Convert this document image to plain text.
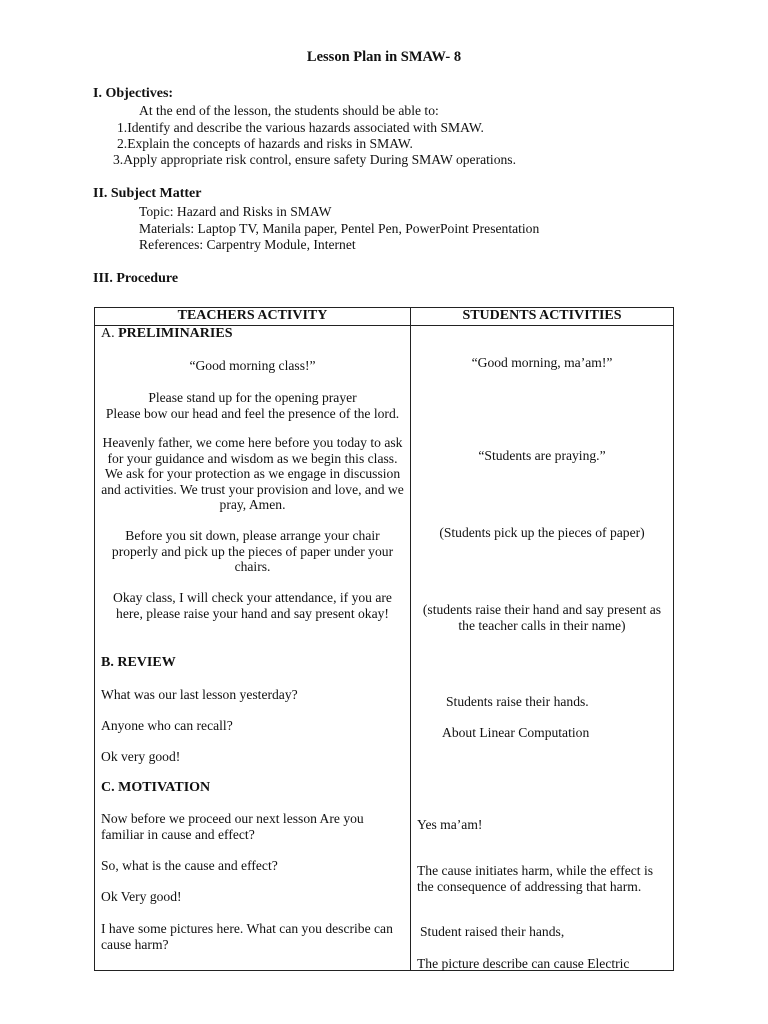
Lesson Plan in SMAW- 8
I. Objectives:
At the end of the lesson, the students should be able to:
1.Identify and describe the various hazards associated with SMAW.
2.Explain the concepts of hazards and risks in SMAW.
3.Apply appropriate risk control, ensure safety During SMAW operations.
II. Subject Matter
Topic: Hazard and Risks in SMAW
Materials: Laptop TV, Manila paper, Pentel Pen, PowerPoint Presentation
References: Carpentry Module, Internet
III. Procedure
TEACHERS ACTIVITY	STUDENTS ACTIVITIES
A. PRELIMINARIES
“Good morning class!”
Please stand up for the opening prayer
Please bow our head and feel the presence of the lord.
Heavenly father, we come here before you today to ask for your guidance and wisdom as we begin this class. We ask for your protection as we engage in discussion and activities. We trust your provision and love, and we pray, Amen.
Before you sit down, please arrange your chair properly and pick up the pieces of paper under your chairs.
Okay class, I will check your attendance, if you are here, please raise your hand and say present okay!
“Good morning, ma’am!”
“Students are praying.”
(Students pick up the pieces of paper)
(students raise their hand and say present as the teacher calls in their name)
B. REVIEW
What was our last lesson yesterday?
Anyone who can recall?
Ok very good!
Students raise their hands.
About Linear Computation
C. MOTIVATION
Now before we proceed our next lesson Are you familiar in cause and effect?
So, what is the cause and effect?
Ok Very good!
I have some pictures here. What can you describe can cause harm?
Yes ma’am!
The cause initiates harm, while the effect is the consequence of addressing that harm.
Student raised their hands,
The picture describe can cause Electric
